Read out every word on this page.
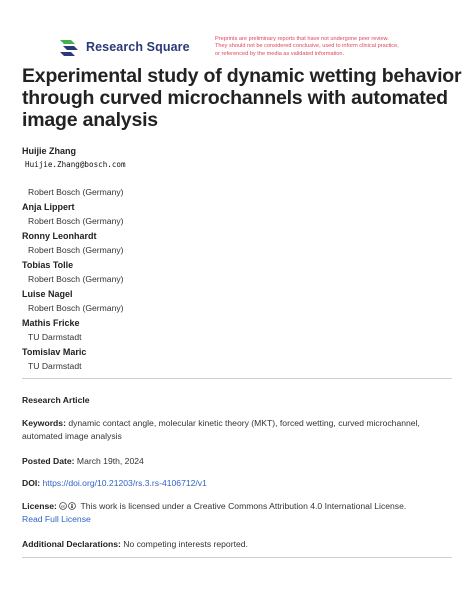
Research Square
Preprints are preliminary reports that have not undergone peer review.
They should not be considered conclusive, used to inform clinical practice,
or referenced by the media as validated information.
Experimental study of dynamic wetting behavior through curved microchannels with automated image analysis
Huijie Zhang
Huijie.Zhang@bosch.com
Robert Bosch (Germany)
Anja Lippert
Robert Bosch (Germany)
Ronny Leonhardt
Robert Bosch (Germany)
Tobias Tolle
Robert Bosch (Germany)
Luise Nagel
Robert Bosch (Germany)
Mathis Fricke
TU Darmstadt
Tomislav Maric
TU Darmstadt
Research Article
Keywords: dynamic contact angle, molecular kinetic theory (MKT), forced wetting, curved microchannel, automated image analysis
Posted Date: March 19th, 2024
DOI: https://doi.org/10.21203/rs.3.rs-4106712/v1
License: cc This work is licensed under a Creative Commons Attribution 4.0 International License.
Read Full License
Additional Declarations: No competing interests reported.
